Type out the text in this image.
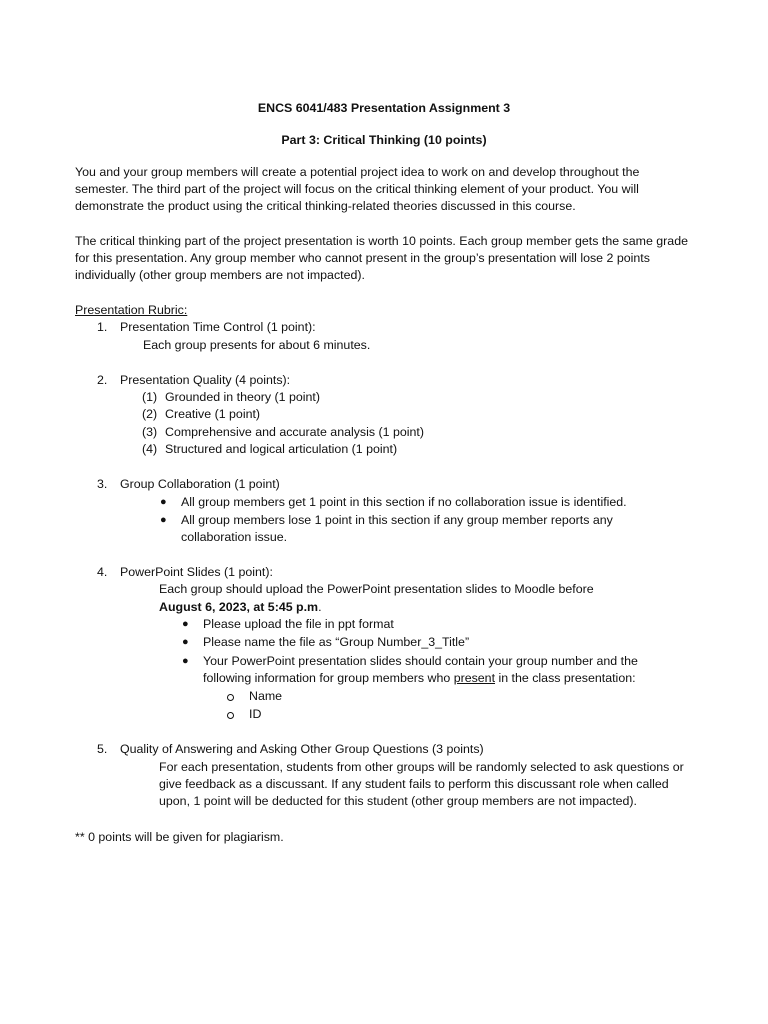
ENCS 6041/483 Presentation Assignment 3
Part 3: Critical Thinking (10 points)
You and your group members will create a potential project idea to work on and develop throughout the
semester. The third part of the project will focus on the critical thinking element of your product. You will
demonstrate the product using the critical thinking-related theories discussed in this course.
The critical thinking part of the project presentation is worth 10 points. Each group member gets the same grade
for this presentation. Any group member who cannot present in the group’s presentation will lose 2 points
individually (other group members are not impacted).
Presentation Rubric:
1. Presentation Time Control (1 point):
Each group presents for about 6 minutes.
2. Presentation Quality (4 points):
(1) Grounded in theory (1 point)
(2) Creative (1 point)
(3) Comprehensive and accurate analysis (1 point)
(4) Structured and logical articulation (1 point)
3. Group Collaboration (1 point)
● All group members get 1 point in this section if no collaboration issue is identified.
● All group members lose 1 point in this section if any group member reports any
collaboration issue.
4. PowerPoint Slides (1 point):
Each group should upload the PowerPoint presentation slides to Moodle before
August 6, 2023, at 5:45 p.m.
● Please upload the file in ppt format
● Please name the file as “Group Number_3_Title”
● Your PowerPoint presentation slides should contain your group number and the
following information for group members who present in the class presentation:
Name
ID
5. Quality of Answering and Asking Other Group Questions (3 points)
For each presentation, students from other groups will be randomly selected to ask questions or
give feedback as a discussant. If any student fails to perform this discussant role when called
upon, 1 point will be deducted for this student (other group members are not impacted).
** 0 points will be given for plagiarism.
